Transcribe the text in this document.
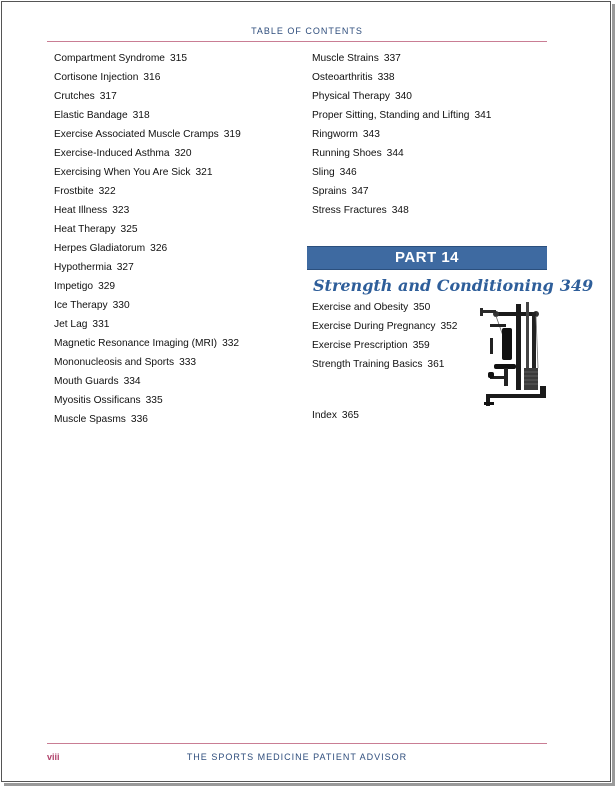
TABLE OF CONTENTS
Compartment Syndrome 315
Cortisone Injection 316
Crutches 317
Elastic Bandage 318
Exercise Associated Muscle Cramps 319
Exercise-Induced Asthma 320
Exercising When You Are Sick 321
Frostbite 322
Heat Illness 323
Heat Therapy 325
Herpes Gladiatorum 326
Hypothermia 327
Impetigo 329
Ice Therapy 330
Jet Lag 331
Magnetic Resonance Imaging (MRI) 332
Mononucleosis and Sports 333
Mouth Guards 334
Myositis Ossificans 335
Muscle Spasms 336
Muscle Strains 337
Osteoarthritis 338
Physical Therapy 340
Proper Sitting, Standing and Lifting 341
Ringworm 343
Running Shoes 344
Sling 346
Sprains 347
Stress Fractures 348
PART 14
Strength and Conditioning 349
Exercise and Obesity 350
Exercise During Pregnancy 352
Exercise Prescription 359
Strength Training Basics 361
Index 365
viii	THE SPORTS MEDICINE PATIENT ADVISOR
